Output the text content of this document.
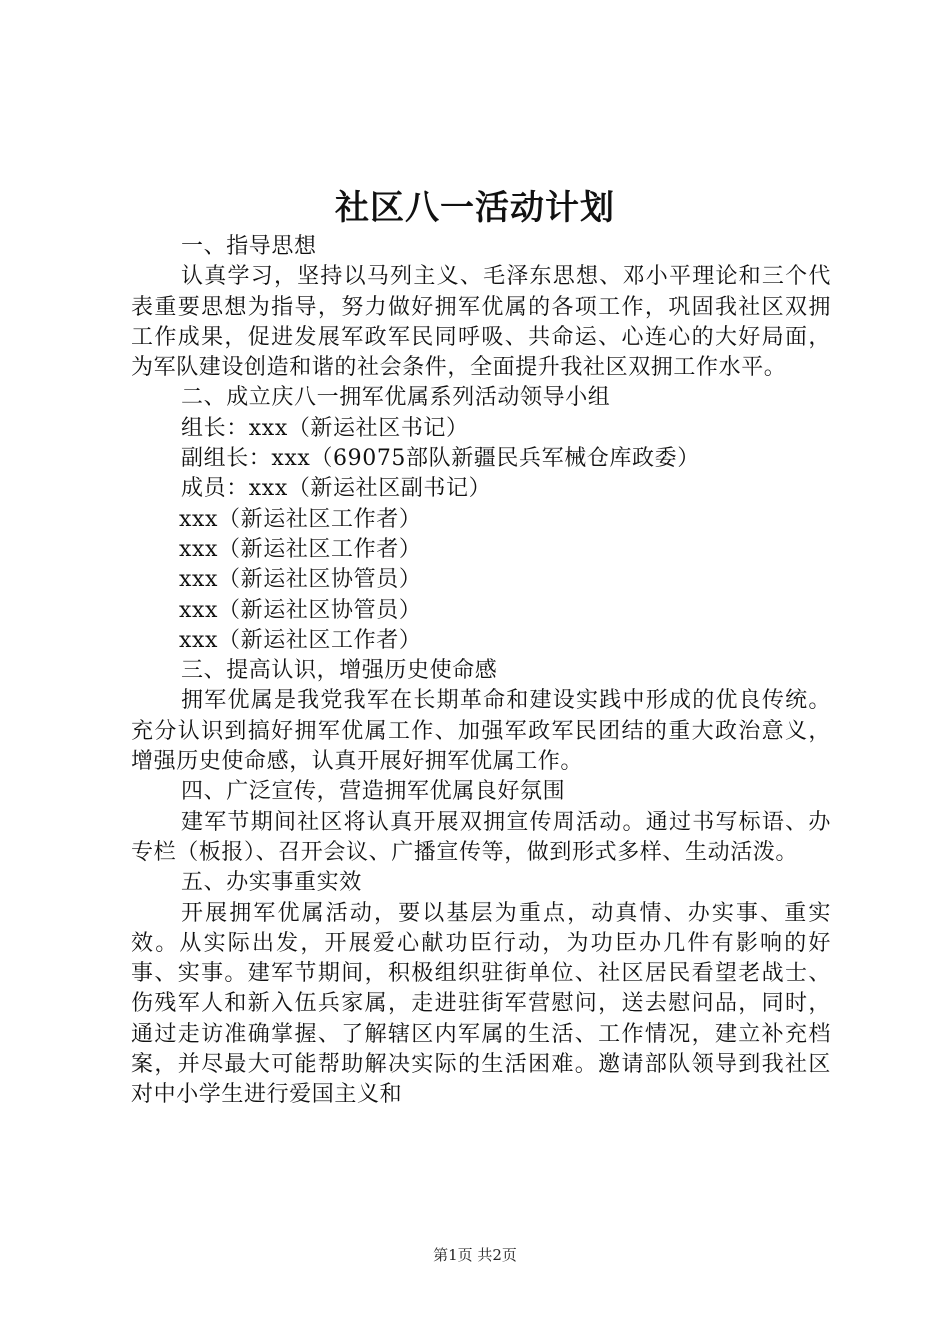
社区八一活动计划

一、指导思想

认真学习，坚持以马列主义、毛泽东思想、邓小平理论和三个代表重要思想为指导，努力做好拥军优属的各项工作，巩固我社区双拥工作成果，促进发展军政军民同呼吸、共命运、心连心的大好局面，为军队建设创造和谐的社会条件，全面提升我社区双拥工作水平。

二、成立庆八一拥军优属系列活动领导小组

组长：xxx（新运社区书记）

副组长：xxx（69075部队新疆民兵军械仓库政委）

成员：xxx（新运社区副书记）

xxx（新运社区工作者）

xxx（新运社区工作者）

xxx（新运社区协管员）

xxx（新运社区协管员）

xxx（新运社区工作者）

三、提高认识，增强历史使命感

拥军优属是我党我军在长期革命和建设实践中形成的优良传统。充分认识到搞好拥军优属工作、加强军政军民团结的重大政治意义，增强历史使命感，认真开展好拥军优属工作。

四、广泛宣传，营造拥军优属良好氛围

建军节期间社区将认真开展双拥宣传周活动。通过书写标语、办专栏（板报）、召开会议、广播宣传等，做到形式多样、生动活泼。

五、办实事重实效

开展拥军优属活动，要以基层为重点，动真情、办实事、重实效。从实际出发，开展爱心献功臣行动，为功臣办几件有影响的好事、实事。建军节期间，积极组织驻街单位、社区居民看望老战士、伤残军人和新入伍兵家属，走进驻街军营慰问，送去慰问品，同时，通过走访准确掌握、了解辖区内军属的生活、工作情况，建立补充档案，并尽最大可能帮助解决实际的生活困难。邀请部队领导到我社区对中小学生进行爱国主义和

第1页 共2页
